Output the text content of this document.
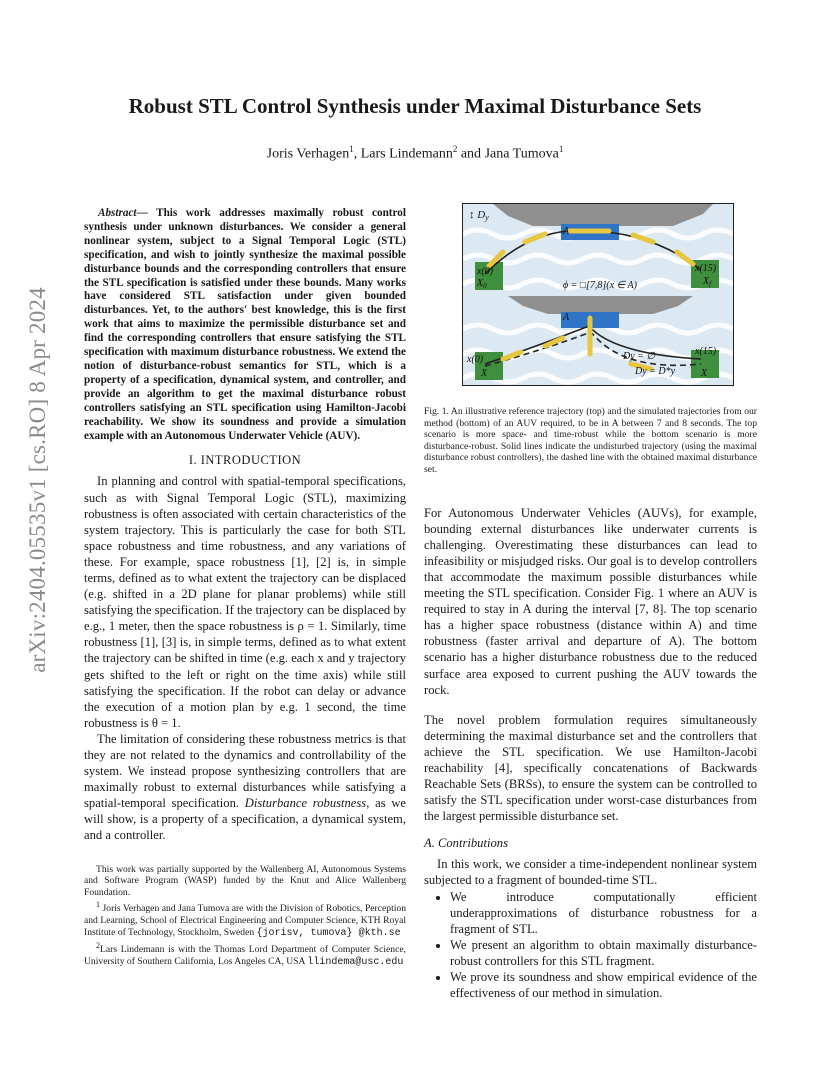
arXiv:2404.05535v1 [cs.RO] 8 Apr 2024
Robust STL Control Synthesis under Maximal Disturbance Sets
Joris Verhagen$^1$, Lars Lindemann$^2$ and Jana Tumova$^1$

Abstract— This work addresses maximally robust control synthesis under unknown disturbances. We consider a general nonlinear system, subject to a Signal Temporal Logic (STL) specification, and wish to jointly synthesize the maximal possible disturbance bounds and the corresponding controllers that ensure the STL specification is satisfied under these bounds. Many works have considered STL satisfaction under given bounded disturbances. Yet, to the authors' best knowledge, this is the first work that aims to maximize the permissible disturbance set and find the corresponding controllers that ensure satisfying the STL specification with maximum disturbance robustness. We extend the notion of disturbance-robust semantics for STL, which is a property of a specification, dynamical system, and controller, and provide an algorithm to get the maximal disturbance robust controllers satisfying an STL specification using Hamilton-Jacobi reachability. We show its soundness and provide a simulation example with an Autonomous Underwater Vehicle (AUV).

I. INTRODUCTION

In planning and control with spatial-temporal specifications, such as with Signal Temporal Logic (STL), maximizing robustness is often associated with certain characteristics of the system trajectory. This is particularly the case for both STL space robustness and time robustness, and any variations of these. For example, space robustness [1], [2] is, in simple terms, defined as to what extent the trajectory can be displaced (e.g. shifted in a 2D plane for planar problems) while still satisfying the specification. If the trajectory can be displaced by e.g., 1 meter, then the space robustness is ρ = 1. Similarly, time robustness [1], [3] is, in simple terms, defined as to what extent the trajectory can be shifted in time (e.g. each x and y trajectory gets shifted to the left or right on the time axis) while still satisfying the specification. If the robot can delay or advance the execution of a motion plan by e.g. 1 second, the time robustness is θ = 1.

The limitation of considering these robustness metrics is that they are not related to the dynamics and controllability of the system. We instead propose synthesizing controllers that are maximally robust to external disturbances while satisfying a spatial-temporal specification. Disturbance robustness, as we will show, is a property of a specification, a dynamical system, and a controller.

This work was partially supported by the Wallenberg AI, Autonomous Systems and Software Program (WASP) funded by the Knut and Alice Wallenberg Foundation.

$^1$ Joris Verhagen and Jana Tumova are with the Division of Robotics, Perception and Learning, School of Electrical Engineering and Computer Science, KTH Royal Institute of Technology, Stockholm, Sweden {jorisv, tumova} @kth.se

$^2$Lars Lindemann is with the Thomas Lord Department of Computer Science, University of Southern California, Los Angeles CA, USA llindema@usc.edu

↕ Dy
x(0)
$X_0$
x(15)
$X_f$
A
ϕ = □[7,8](x ∈ A)
A
x(0)
X
x(15)
X
Dy = ∅
Dy = D*y

Fig. 1. An illustrative reference trajectory (top) and the simulated trajectories from our method (bottom) of an AUV required, to be in A between 7 and 8 seconds. The top scenario is more space- and time-robust while the bottom scenario is more disturbance-robust. Solid lines indicate the undisturbed trajectory (using the maximal disturbance robust controllers), the dashed line with the obtained maximal disturbance set.

For Autonomous Underwater Vehicles (AUVs), for example, bounding external disturbances like underwater currents is challenging. Overestimating these disturbances can lead to infeasibility or misjudged risks. Our goal is to develop controllers that accommodate the maximum possible disturbances while meeting the STL specification. Consider Fig. 1 where an AUV is required to stay in A during the interval [7, 8]. The top scenario has a higher space robustness (distance within A) and time robustness (faster arrival and departure of A). The bottom scenario has a higher disturbance robustness due to the reduced surface area exposed to current pushing the AUV towards the rock.

The novel problem formulation requires simultaneously determining the maximal disturbance set and the controllers that achieve the STL specification. We use Hamilton-Jacobi reachability [4], specifically concatenations of Backwards Reachable Sets (BRSs), to ensure the system can be controlled to satisfy the STL specification under worst-case disturbances from the largest permissible disturbance set.

A. Contributions

In this work, we consider a time-independent nonlinear system subjected to a fragment of bounded-time STL.

• We introduce computationally efficient underapproximations of disturbance robustness for a fragment of STL.
• We present an algorithm to obtain maximally disturbance-robust controllers for this STL fragment.
• We prove its soundness and show empirical evidence of the effectiveness of our method in simulation.
